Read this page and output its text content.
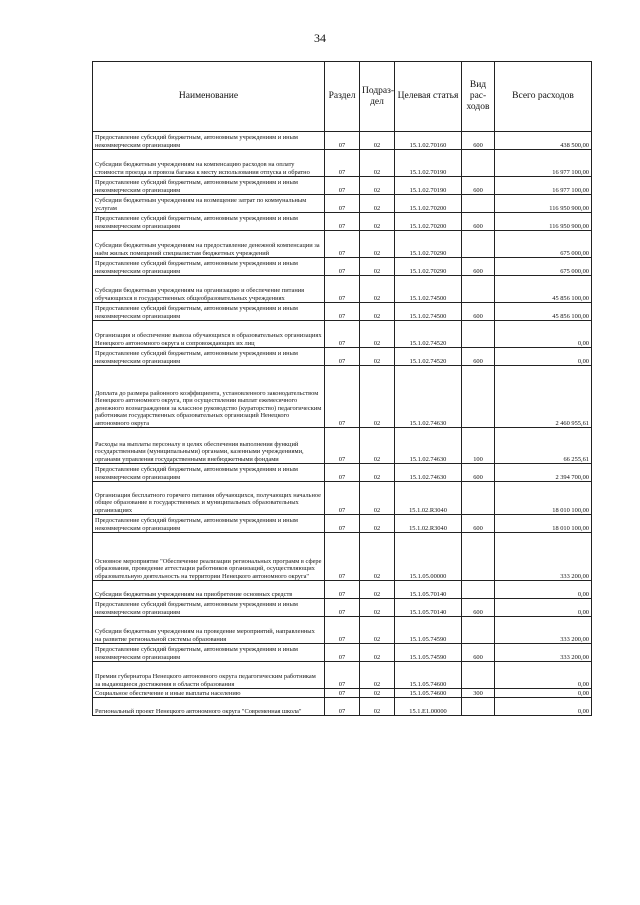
34
Наименование	Раздел	Подраз- дел	Целевая статья	Вид рас- ходов	Всего расходов
Предоставление субсидий бюджетным, автономным учреждениям и иным некоммерческим организациям	07	02	15.1.02.70160	600	438 500,00
Субсидии бюджетным учреждениям на компенсацию расходов на оплату стоимости проезда и провоза багажа к месту использования отпуска и обратно	07	02	15.1.02.70190		16 977 100,00
Предоставление субсидий бюджетным, автономным учреждениям и иным некоммерческим организациям	07	02	15.1.02.70190	600	16 977 100,00
Субсидии бюджетным учреждениям на возмещение затрат по коммунальным услугам	07	02	15.1.02.70200		116 950 900,00
Предоставление субсидий бюджетным, автономным учреждениям и иным некоммерческим организациям	07	02	15.1.02.70200	600	116 950 900,00
Субсидии бюджетным учреждениям на предоставление денежной компенсации за наём жилых помещений специалистам бюджетных учреждений	07	02	15.1.02.70290		675 000,00
Предоставление субсидий бюджетным, автономным учреждениям и иным некоммерческим организациям	07	02	15.1.02.70290	600	675 000,00
Субсидии бюджетным учреждениям на организацию и обеспечение питания обучающихся в государственных общеобразовательных учреждениях	07	02	15.1.02.74500		45 856 100,00
Предоставление субсидий бюджетным, автономным учреждениям и иным некоммерческим организациям	07	02	15.1.02.74500	600	45 856 100,00
Организация и обеспечение вывоза обучающихся в образовательных организациях Ненецкого автономного округа и сопровождающих их лиц	07	02	15.1.02.74520		0,00
Предоставление субсидий бюджетным, автономным учреждениям и иным некоммерческим организациям	07	02	15.1.02.74520	600	0,00
Доплата до размера районного коэффициента, установленного законодательством Ненецкого автономного округа, при осуществлении выплат ежемесячного денежного вознаграждения за классное руководство (кураторство) педагогическим работникам государственных образовательных организаций Ненецкого автономного округа	07	02	15.1.02.74630		2 460 955,61
Расходы на выплаты персоналу в целях обеспечения выполнения функций государственными (муниципальными) органами, казенными учреждениями, органами управления государственными внебюджетными фондами	07	02	15.1.02.74630	100	66 255,61
Предоставление субсидий бюджетным, автономным учреждениям и иным некоммерческим организациям	07	02	15.1.02.74630	600	2 394 700,00
Организация бесплатного горячего питания обучающихся, получающих начальное общее образование в государственных и муниципальных образовательных организациях	07	02	15.1.02.R3040		18 010 100,00
Предоставление субсидий бюджетным, автономным учреждениям и иным некоммерческим организациям	07	02	15.1.02.R3040	600	18 010 100,00
Основное мероприятие "Обеспечение реализации региональных программ в сфере образования, проведение аттестации работников организаций, осуществляющих образовательную деятельность на территории Ненецкого автономного округа"	07	02	15.1.05.00000		333 200,00
Субсидии бюджетным учреждениям на приобретение основных средств	07	02	15.1.05.70140		0,00
Предоставление субсидий бюджетным, автономным учреждениям и иным некоммерческим организациям	07	02	15.1.05.70140	600	0,00
Субсидии бюджетным учреждениям на проведение мероприятий, направленных на развитие региональной системы образования	07	02	15.1.05.74590		333 200,00
Предоставление субсидий бюджетным, автономным учреждениям и иным некоммерческим организациям	07	02	15.1.05.74590	600	333 200,00
Премии губернатора Ненецкого автономного округа педагогическим работникам за выдающиеся достижения в области образования	07	02	15.1.05.74600		0,00
Социальное обеспечение и иные выплаты населению	07	02	15.1.05.74600	300	0,00
Региональный проект Ненецкого автономного округа "Современная школа"	07	02	15.1.E1.00000		0,00
